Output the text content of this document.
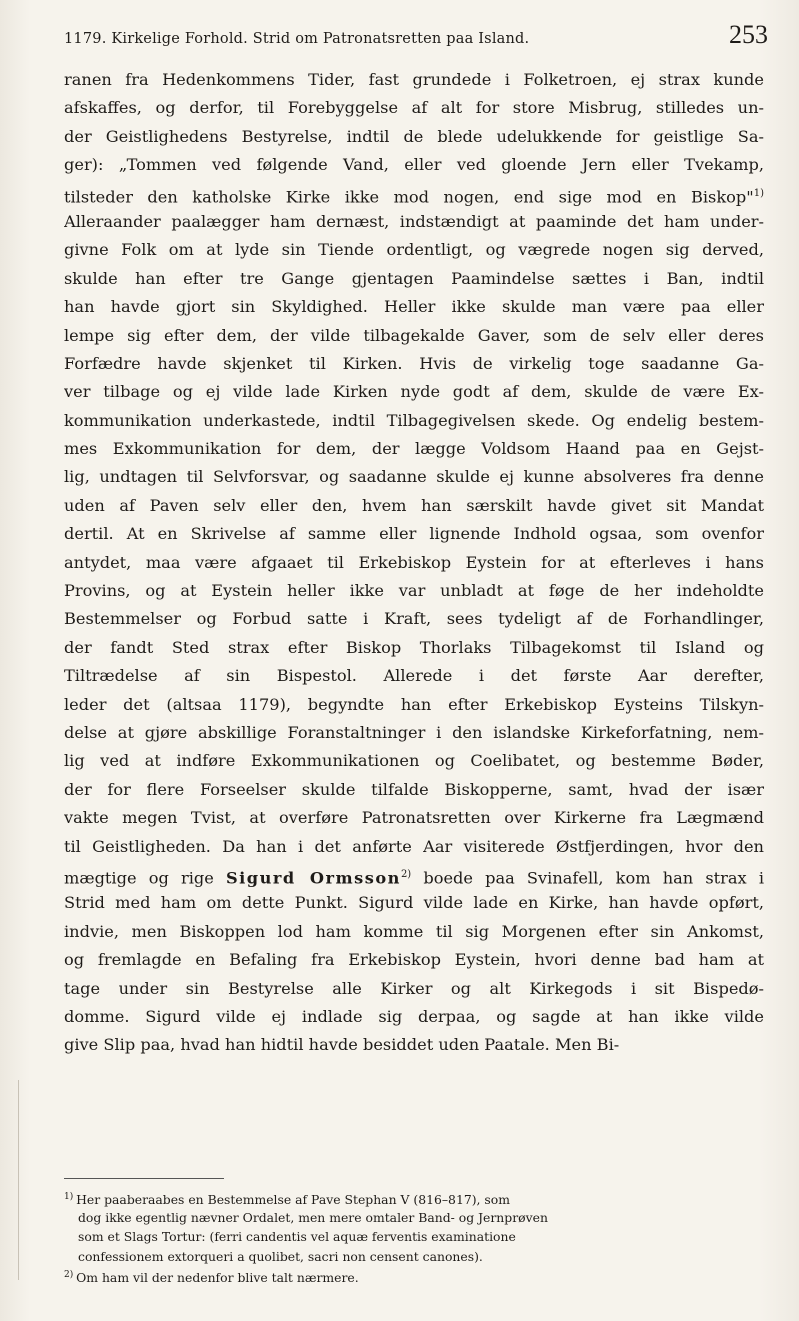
1179. Kirkelige Forhold. Strid om Patronatsretten paa Island.	253
ranen fra Hedenkommens Tider, fast grundede i Folketroen, ej strax kunde
afskaffes, og derfor, til Forebyggelse af alt for store Misbrug, stilledes un-
der Geistlighedens Bestyrelse, indtil de blede udelukkende for geistlige Sa-
ger): „Tommen ved følgende Vand, eller ved gloende Jern eller Tvekamp,
tilsteder den katholske Kirke ikke mod nogen, end sige mod en Biskop"$^{1)}$
Alleraander paalægger ham dernæst, indstændigt at paaminde det ham under-
givne Folk om at lyde sin Tiende ordentligt, og vægrede nogen sig derved,
skulde han efter tre Gange gjentagen Paamindelse sættes i Ban, indtil
han havde gjort sin Skyldighed. Heller ikke skulde man være paa eller
lempe sig efter dem, der vilde tilbagekalde Gaver, som de selv eller deres
Forfædre havde skjenket til Kirken. Hvis de virkelig toge saadanne Ga-
ver tilbage og ej vilde lade Kirken nyde godt af dem, skulde de være Ex-
kommunikation underkastede, indtil Tilbagegivelsen skede. Og endelig bestem-
mes Exkommunikation for dem, der lægge Voldsom Haand paa en Gejst-
lig, undtagen til Selvforsvar, og saadanne skulde ej kunne absolveres fra denne
uden af Paven selv eller den, hvem han særskilt havde givet sit Mandat
dertil. At en Skrivelse af samme eller lignende Indhold ogsaa, som ovenfor
antydet, maa være afgaaet til Erkebiskop Eystein for at efterleves i hans
Provins, og at Eystein heller ikke var unbladt at føge de her indeholdte
Bestemmelser og Forbud satte i Kraft, sees tydeligt af de Forhandlinger,
der fandt Sted strax efter Biskop Thorlaks Tilbagekomst til Island og
Tiltrædelse af sin Bispestol. Allerede i det første Aar derefter,
leder det (altsaa 1179), begyndte han efter Erkebiskop Eysteins Tilskyn-
delse at gjøre abskillige Foranstaltninger i den islandske Kirkeforfatning, nem-
lig ved at indføre Exkommunikationen og Coelibatet, og bestemme Bøder,
der for flere Forseelser skulde tilfalde Biskopperne, samt, hvad der især
vakte megen Tvist, at overføre Patronatsretten over Kirkerne fra Lægmænd
til Geistligheden. Da han i det anførte Aar visiterede Østfjerdingen, hvor den
mægtige og rige Sigurd Ormsson$^{2)}$ boede paa Svinafell, kom han strax i
Strid med ham om dette Punkt. Sigurd vilde lade en Kirke, han havde opført,
indvie, men Biskoppen lod ham komme til sig Morgenen efter sin Ankomst,
og fremlagde en Befaling fra Erkebiskop Eystein, hvori denne bad ham at
tage under sin Bestyrelse alle Kirker og alt Kirkegods i sit Bispedø-
domme. Sigurd vilde ej indlade sig derpaa, og sagde at han ikke vilde
give Slip paa, hvad han hidtil havde besiddet uden Paatale. Men Bi-
$^{1)}$ Her paaberaabes en Bestemmelse af Pave Stephan V (816–817), som
dog ikke egentlig nævner Ordalet, men mere omtaler Band- og Jernprøven
som et Slags Tortur: (ferri candentis vel aquæ ferventis examinatione
confessionem extorqueri a quolibet, sacri non censent canones).
$^{2)}$ Om ham vil der nedenfor blive talt nærmere.
